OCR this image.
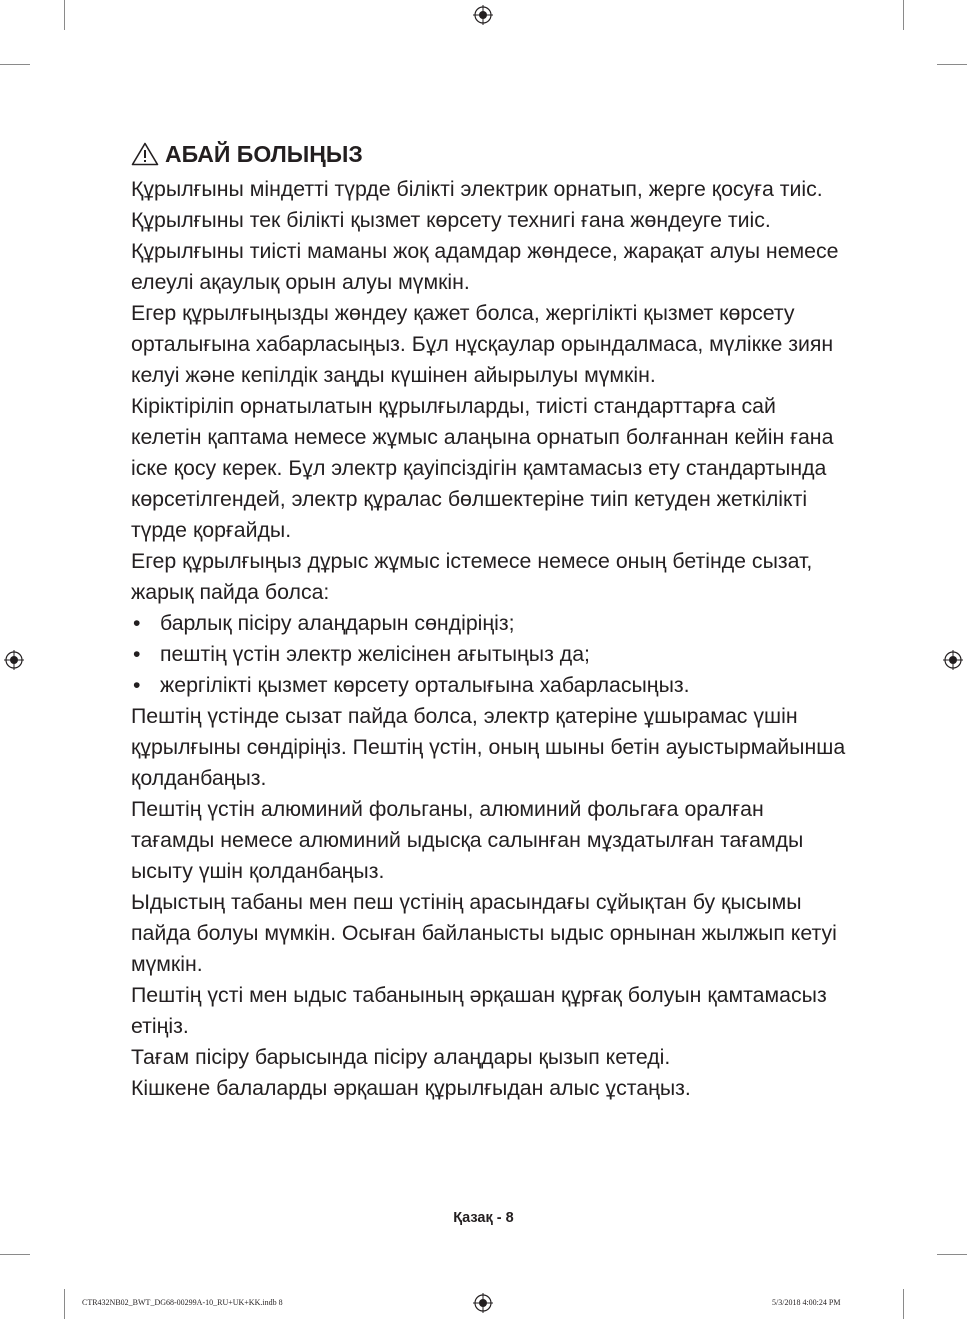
АБАЙ БОЛЫҢЫЗ

Құрылғыны міндетті түрде білікті электрик орнатып, жерге қосуға тиіс.

Құрылғыны тек білікті қызмет көрсету технигі ғана жөндеуге тиіс. Құрылғыны тиісті маманы жоқ адамдар жөндесе, жарақат алуы немесе елеулі ақаулық орын алуы мүмкін.

Егер құрылғыңызды жөндеу қажет болса, жергілікті қызмет көрсету орталығына хабарласыңыз. Бұл нұсқаулар орындалмаса, мүлікке зиян келуі және кепілдік заңды күшінен айырылуы мүмкін.

Кіріктіріліп орнатылатын құрылғыларды, тиісті стандарттарға сай келетін қаптама немесе жұмыс алаңына орнатып болғаннан кейін ғана іске қосу керек. Бұл электр қауіпсіздігін қамтамасыз ету стандартында көрсетілгендей, электр құралас бөлшектеріне тиіп кетуден жеткілікті түрде қорғайды.

Егер құрылғыңыз дұрыс жұмыс істемесе немесе оның бетінде сызат, жарық пайда болса:

• барлық пісіру алаңдарын сөндіріңіз;
• пештің үстін электр желісінен ағытыңыз да;
• жергілікті қызмет көрсету орталығына хабарласыңыз.

Пештің үстінде сызат пайда болса, электр қатеріне ұшырамас үшін құрылғыны сөндіріңіз. Пештің үстін, оның шыны бетін ауыстырмайынша қолданбаңыз.

Пештің үстін алюминий фольганы, алюминий фольгаға оралған тағамды немесе алюминий ыдысқа салынған мұздатылған тағамды ысыту үшін қолданбаңыз.

Ыдыстың табаны мен пеш үстінің арасындағы сұйықтан бу қысымы пайда болуы мүмкін. Осыған байланысты ыдыс орнынан жылжып кетуі мүмкін.

Пештің үсті мен ыдыс табанының әрқашан құрғақ болуын қамтамасыз етіңіз.

Тағам пісіру барысында пісіру алаңдары қызып кетеді.

Кішкене балаларды әрқашан құрылғыдан алыс ұстаңыз.

Қазақ - 8
CTR432NB02_BWT_DG68-00299A-10_RU+UK+KK.indb 8	5/3/2018 4:00:24 PM
